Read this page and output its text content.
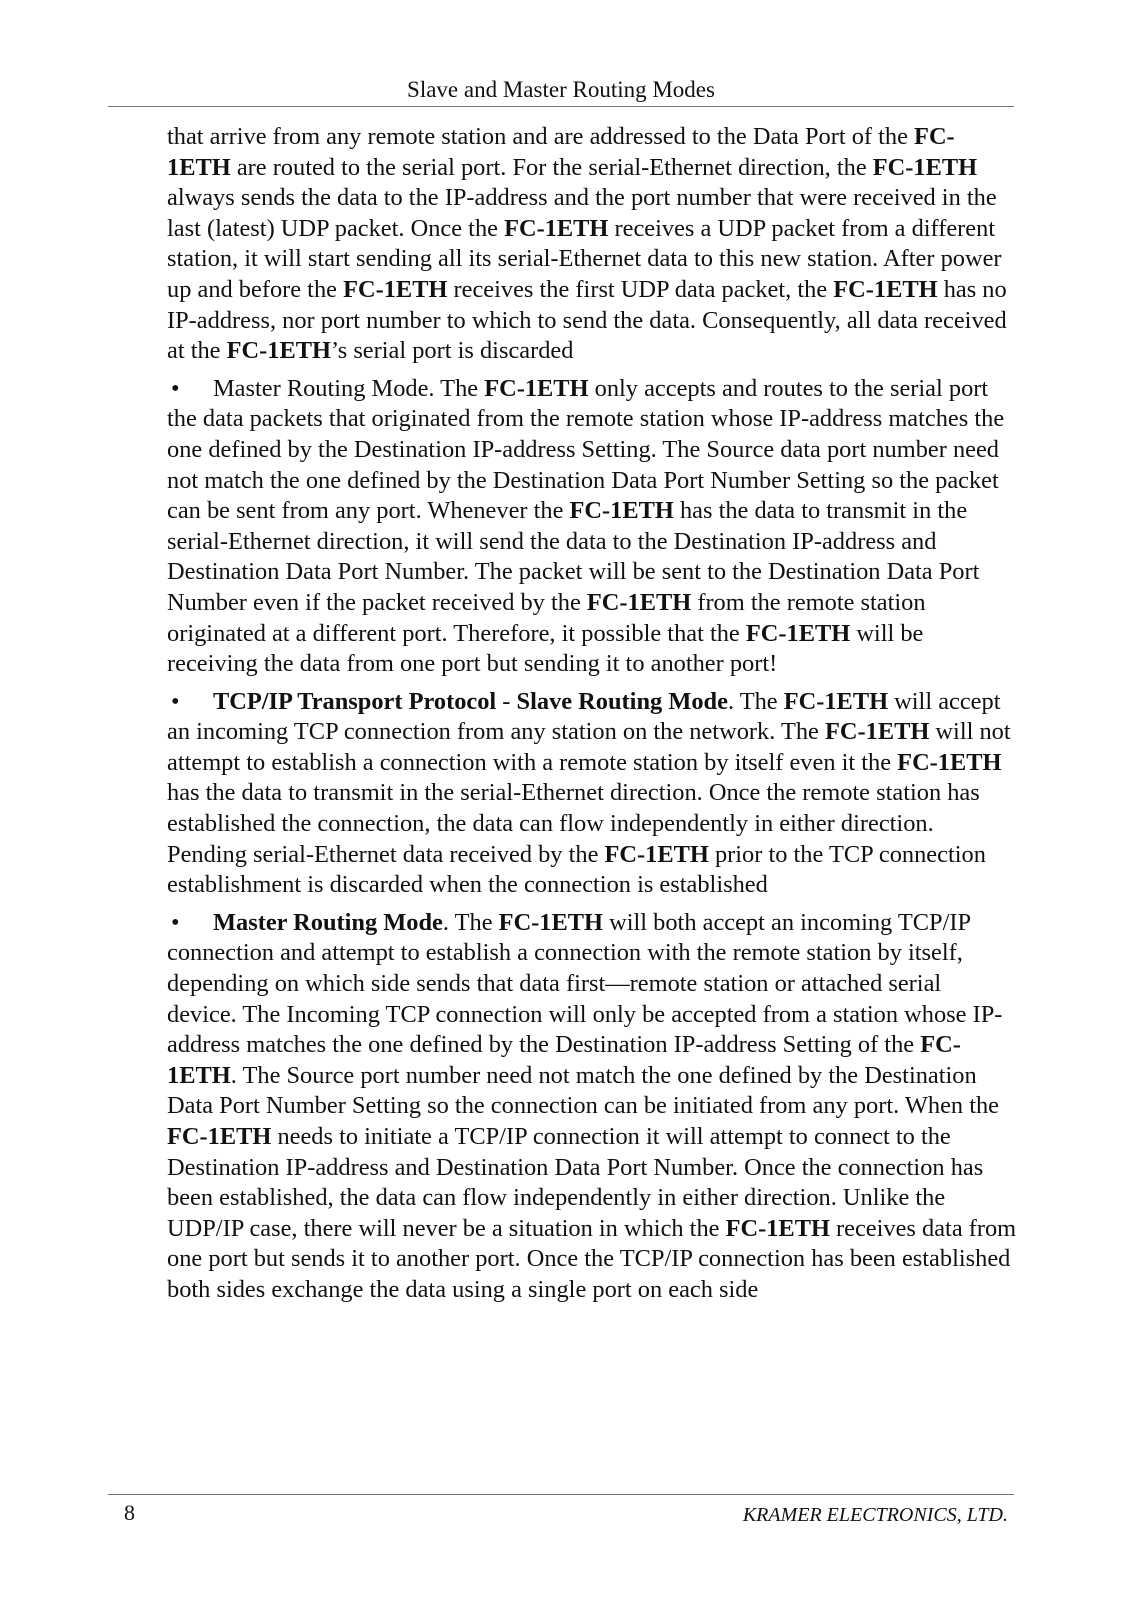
Slave and Master Routing Modes

that arrive from any remote station and are addressed to the Data Port of the FC-1ETH are routed to the serial port. For the serial-Ethernet direction, the FC-1ETH always sends the data to the IP-address and the port number that were received in the last (latest) UDP packet. Once the FC-1ETH receives a UDP packet from a different station, it will start sending all its serial-Ethernet data to this new station. After power up and before the FC-1ETH receives the first UDP data packet, the FC-1ETH has no IP-address, nor port number to which to send the data. Consequently, all data received at the FC-1ETH’s serial port is discarded

• Master Routing Mode. The FC-1ETH only accepts and routes to the serial port the data packets that originated from the remote station whose IP-address matches the one defined by the Destination IP-address Setting. The Source data port number need not match the one defined by the Destination Data Port Number Setting so the packet can be sent from any port. Whenever the FC-1ETH has the data to transmit in the serial-Ethernet direction, it will send the data to the Destination IP-address and Destination Data Port Number. The packet will be sent to the Destination Data Port Number even if the packet received by the FC-1ETH from the remote station originated at a different port. Therefore, it possible that the FC-1ETH will be receiving the data from one port but sending it to another port!

• TCP/IP Transport Protocol - Slave Routing Mode. The FC-1ETH will accept an incoming TCP connection from any station on the network. The FC-1ETH will not attempt to establish a connection with a remote station by itself even it the FC-1ETH has the data to transmit in the serial-Ethernet direction. Once the remote station has established the connection, the data can flow independently in either direction. Pending serial-Ethernet data received by the FC-1ETH prior to the TCP connection establishment is discarded when the connection is established

• Master Routing Mode. The FC-1ETH will both accept an incoming TCP/IP connection and attempt to establish a connection with the remote station by itself, depending on which side sends that data first—remote station or attached serial device. The Incoming TCP connection will only be accepted from a station whose IP-address matches the one defined by the Destination IP-address Setting of the FC-1ETH. The Source port number need not match the one defined by the Destination Data Port Number Setting so the connection can be initiated from any port. When the FC-1ETH needs to initiate a TCP/IP connection it will attempt to connect to the Destination IP-address and Destination Data Port Number. Once the connection has been established, the data can flow independently in either direction. Unlike the UDP/IP case, there will never be a situation in which the FC-1ETH receives data from one port but sends it to another port. Once the TCP/IP connection has been established both sides exchange the data using a single port on each side

8	KRAMER ELECTRONICS, LTD.
